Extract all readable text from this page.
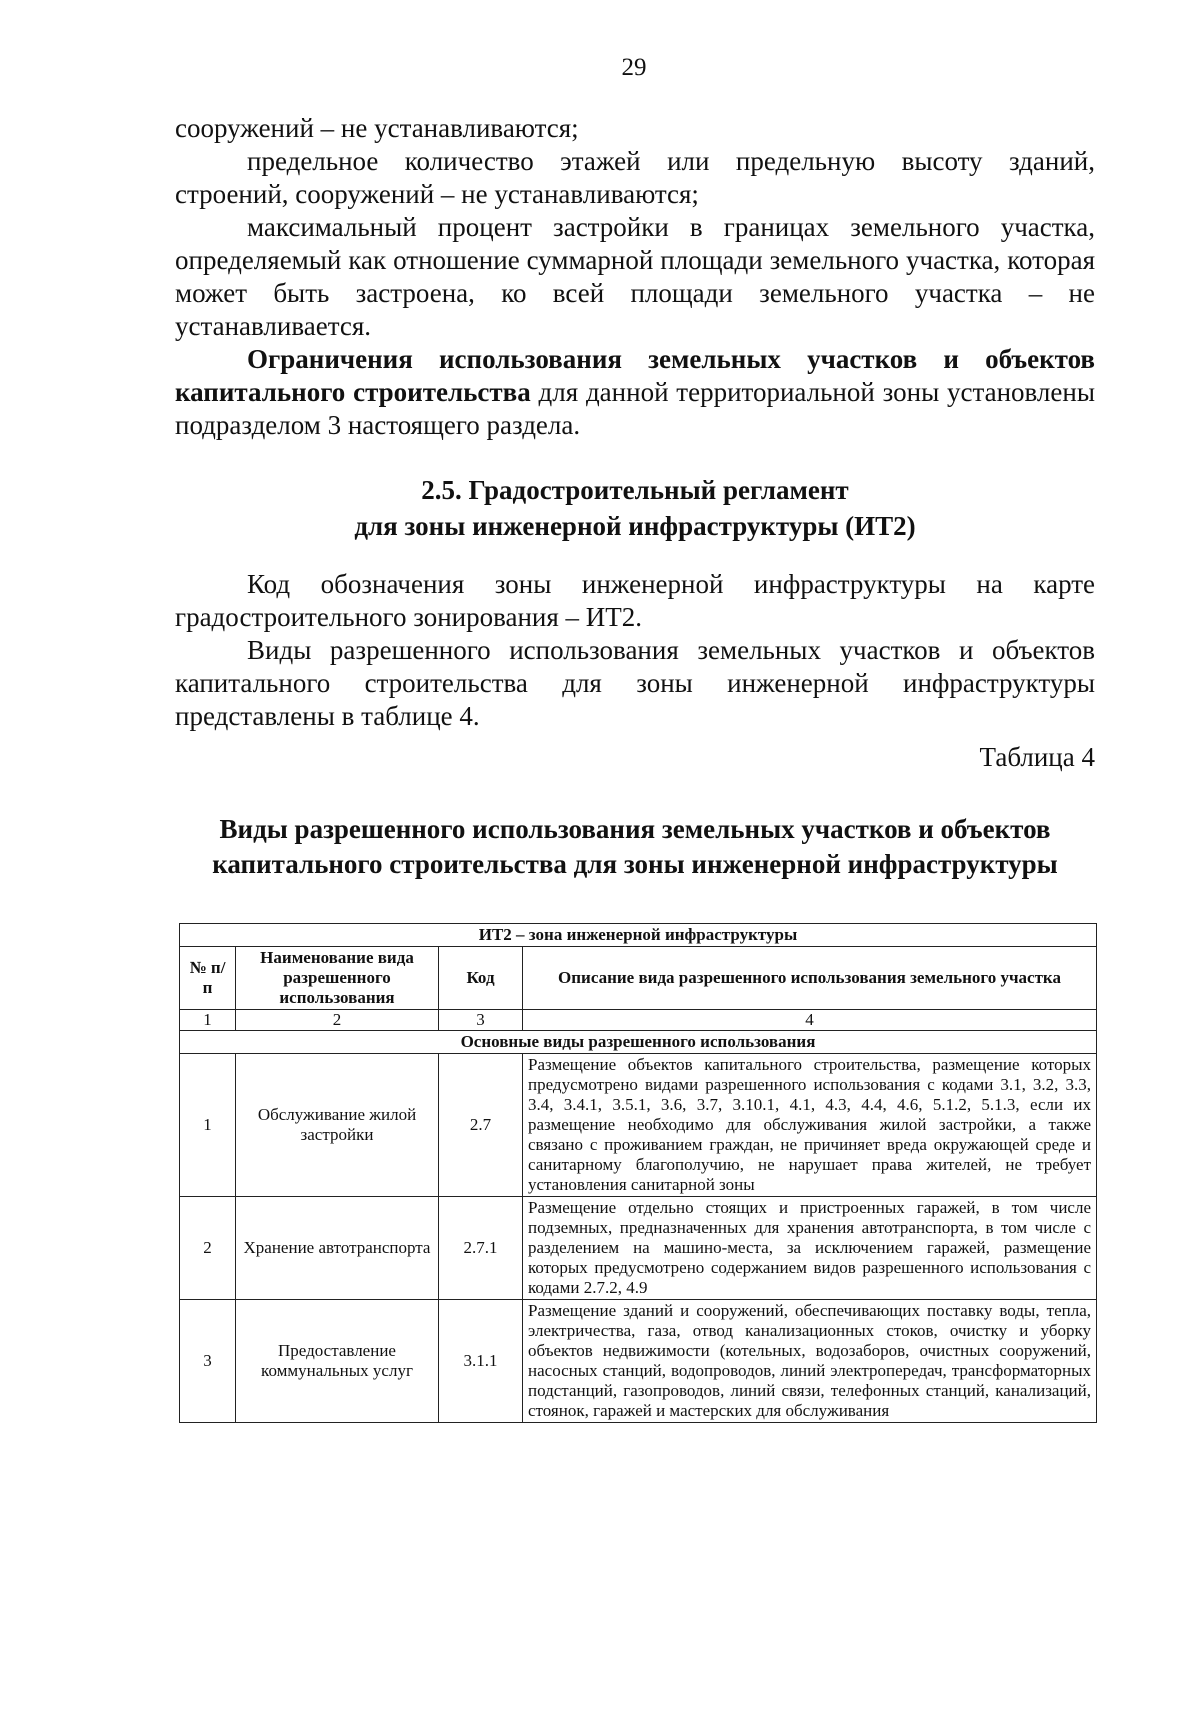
29

сооружений – не устанавливаются;

предельное количество этажей или предельную высоту зданий, строений, сооружений – не устанавливаются;

максимальный процент застройки в границах земельного участка, определяемый как отношение суммарной площади земельного участка, которая может быть застроена, ко всей площади земельного участка – не устанавливается.

Ограничения использования земельных участков и объектов капитального строительства для данной территориальной зоны установлены подразделом 3 настоящего раздела.

2.5. Градостроительный регламент
для зоны инженерной инфраструктуры (ИТ2)

Код обозначения зоны инженерной инфраструктуры на карте градостроительного зонирования – ИТ2.

Виды разрешенного использования земельных участков и объектов капитального строительства для зоны инженерной инфраструктуры представлены в таблице 4.

Таблица 4

Виды разрешенного использования земельных участков и объектов
капитального строительства для зоны инженерной инфраструктуры
ИТ2 – зона инженерной инфраструктуры			
№ п/п	Наименование вида разрешенного использования	Код	Описание вида разрешенного использования земельного участка
1	2	3	4
Основные виды разрешенного использования			
1	Обслуживание жилой застройки	2.7	Размещение объектов капитального строительства, размещение которых предусмотрено видами разрешенного использования с кодами 3.1, 3.2, 3.3, 3.4, 3.4.1, 3.5.1, 3.6, 3.7, 3.10.1, 4.1, 4.3, 4.4, 4.6, 5.1.2, 5.1.3, если их размещение необходимо для обслуживания жилой застройки, а также связано с проживанием граждан, не причиняет вреда окружающей среде и санитарному благополучию, не нарушает права жителей, не требует установления санитарной зоны
2	Хранение автотранспорта	2.7.1	Размещение отдельно стоящих и пристроенных гаражей, в том числе подземных, предназначенных для хранения автотранспорта, в том числе с разделением на машино-места, за исключением гаражей, размещение которых предусмотрено содержанием видов разрешенного использования с кодами 2.7.2, 4.9
3	Предоставление коммунальных услуг	3.1.1	Размещение зданий и сооружений, обеспечивающих поставку воды, тепла, электричества, газа, отвод канализационных стоков, очистку и уборку объектов недвижимости (котельных, водозаборов, очистных сооружений, насосных станций, водопроводов, линий электропередач, трансформаторных подстанций, газопроводов, линий связи, телефонных станций, канализаций, стоянок, гаражей и мастерских для обслуживания
